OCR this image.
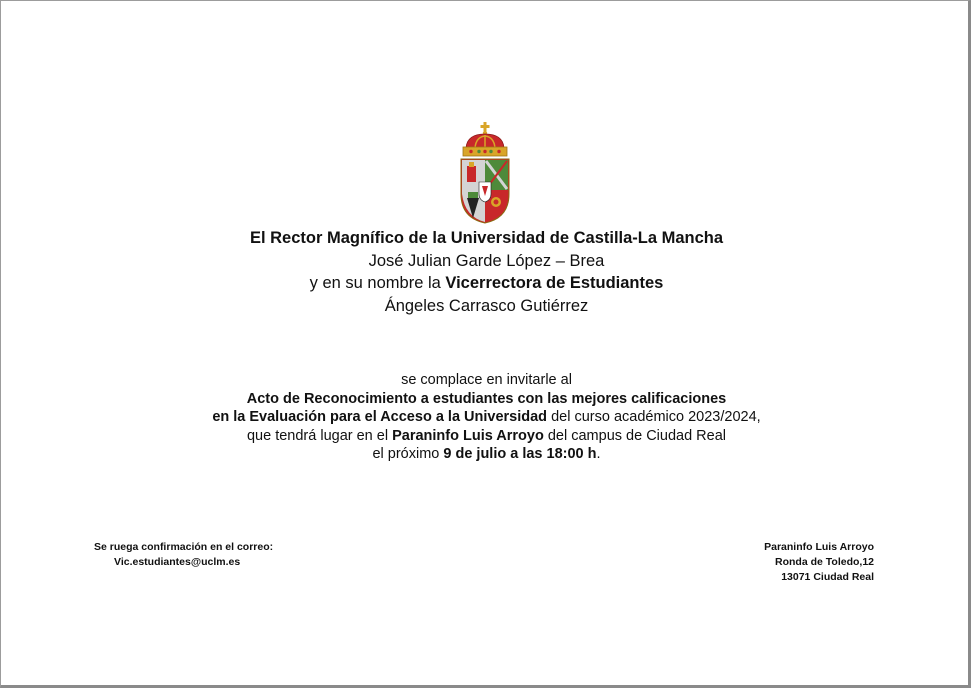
El Rector Magnífico de la Universidad de Castilla-La Mancha
José Julian Garde López – Brea
y en su nombre la Vicerrectora de Estudiantes
Ángeles Carrasco Gutiérrez
se complace en invitarle al
Acto de Reconocimiento a estudiantes con las mejores calificaciones
en la Evaluación para el Acceso a la Universidad del curso académico 2023/2024,
que tendrá lugar en el Paraninfo Luis Arroyo del campus de Ciudad Real
el próximo 9 de julio a las 18:00 h.
Se ruega confirmación en el correo:
Vic.estudiantes@uclm.es
Paraninfo Luis Arroyo
Ronda de Toledo,12
13071 Ciudad Real
